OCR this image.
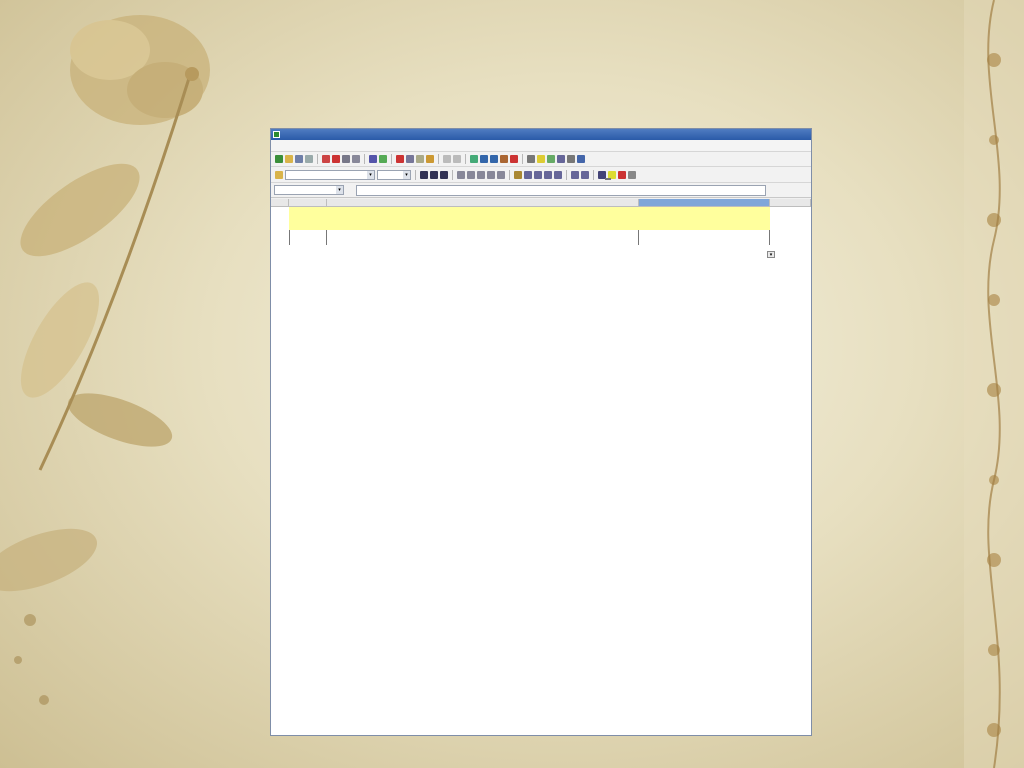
▾	▾
▾
▾
